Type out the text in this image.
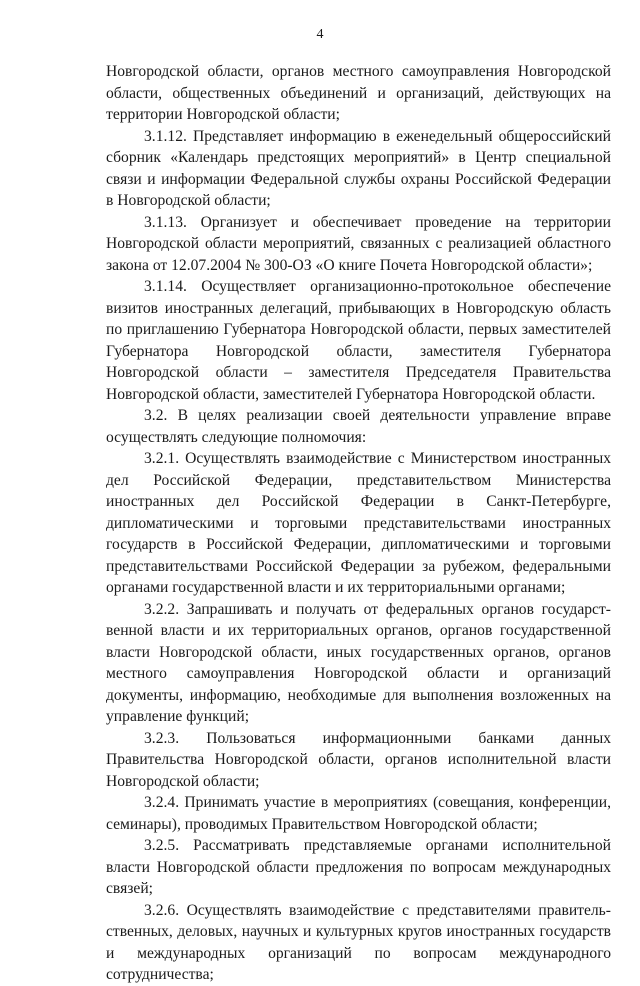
4

Новгородской области, органов местного самоуправления Новгородской области, общественных объединений и организаций, действующих на территории Новгородской области;

3.1.12. Представляет информацию в еженедельный общероссийский сборник «Календарь предстоящих мероприятий» в Центр специальной связи и информации Федеральной службы охраны Российской Федерации в Новгородской области;

3.1.13. Организует и обеспечивает проведение на территории Новгородской области мероприятий, связанных с реализацией областного закона от 12.07.2004 № 300-ОЗ «О книге Почета Новгородской области»;

3.1.14. Осуществляет организационно-протокольное обеспечение визитов иностранных делегаций, прибывающих в Новгородскую область по приглашению Губернатора Новгородской области, первых заместителей Губернатора Новгородской области, заместителя Губернатора Новгородской области – заместителя Председателя Правительства Новгородской области, заместителей Губернатора Новгородской области.

3.2. В целях реализации своей деятельности управление вправе осуществлять следующие полномочия:

3.2.1. Осуществлять взаимодействие с Министерством иностранных дел Российской Федерации, представительством Министерства иностранных дел Российской Федерации в Санкт-Петербурге, дипломатическими и торговыми представительствами иностранных государств в Российской Федерации, дипломатическими и торговыми представительствами Российской Федерации за рубежом, федеральными органами государственной власти и их территориальными органами;

3.2.2. Запрашивать и получать от федеральных органов государственной власти и их территориальных органов, органов государственной власти Новгородской области, иных государственных органов, органов местного самоуправления Новгородской области и организаций документы, информацию, необходимые для выполнения возложенных на управление функций;

3.2.3. Пользоваться информационными банками данных Правительства Новгородской области, органов исполнительной власти Новгородской области;

3.2.4. Принимать участие в мероприятиях (совещания, конференции, семинары), проводимых Правительством Новгородской области;

3.2.5. Рассматривать представляемые органами исполнительной власти Новгородской области предложения по вопросам международных связей;

3.2.6. Осуществлять взаимодействие с представителями правительственных, деловых, научных и культурных кругов иностранных государств и международных организаций по вопросам международного сотрудничества;
